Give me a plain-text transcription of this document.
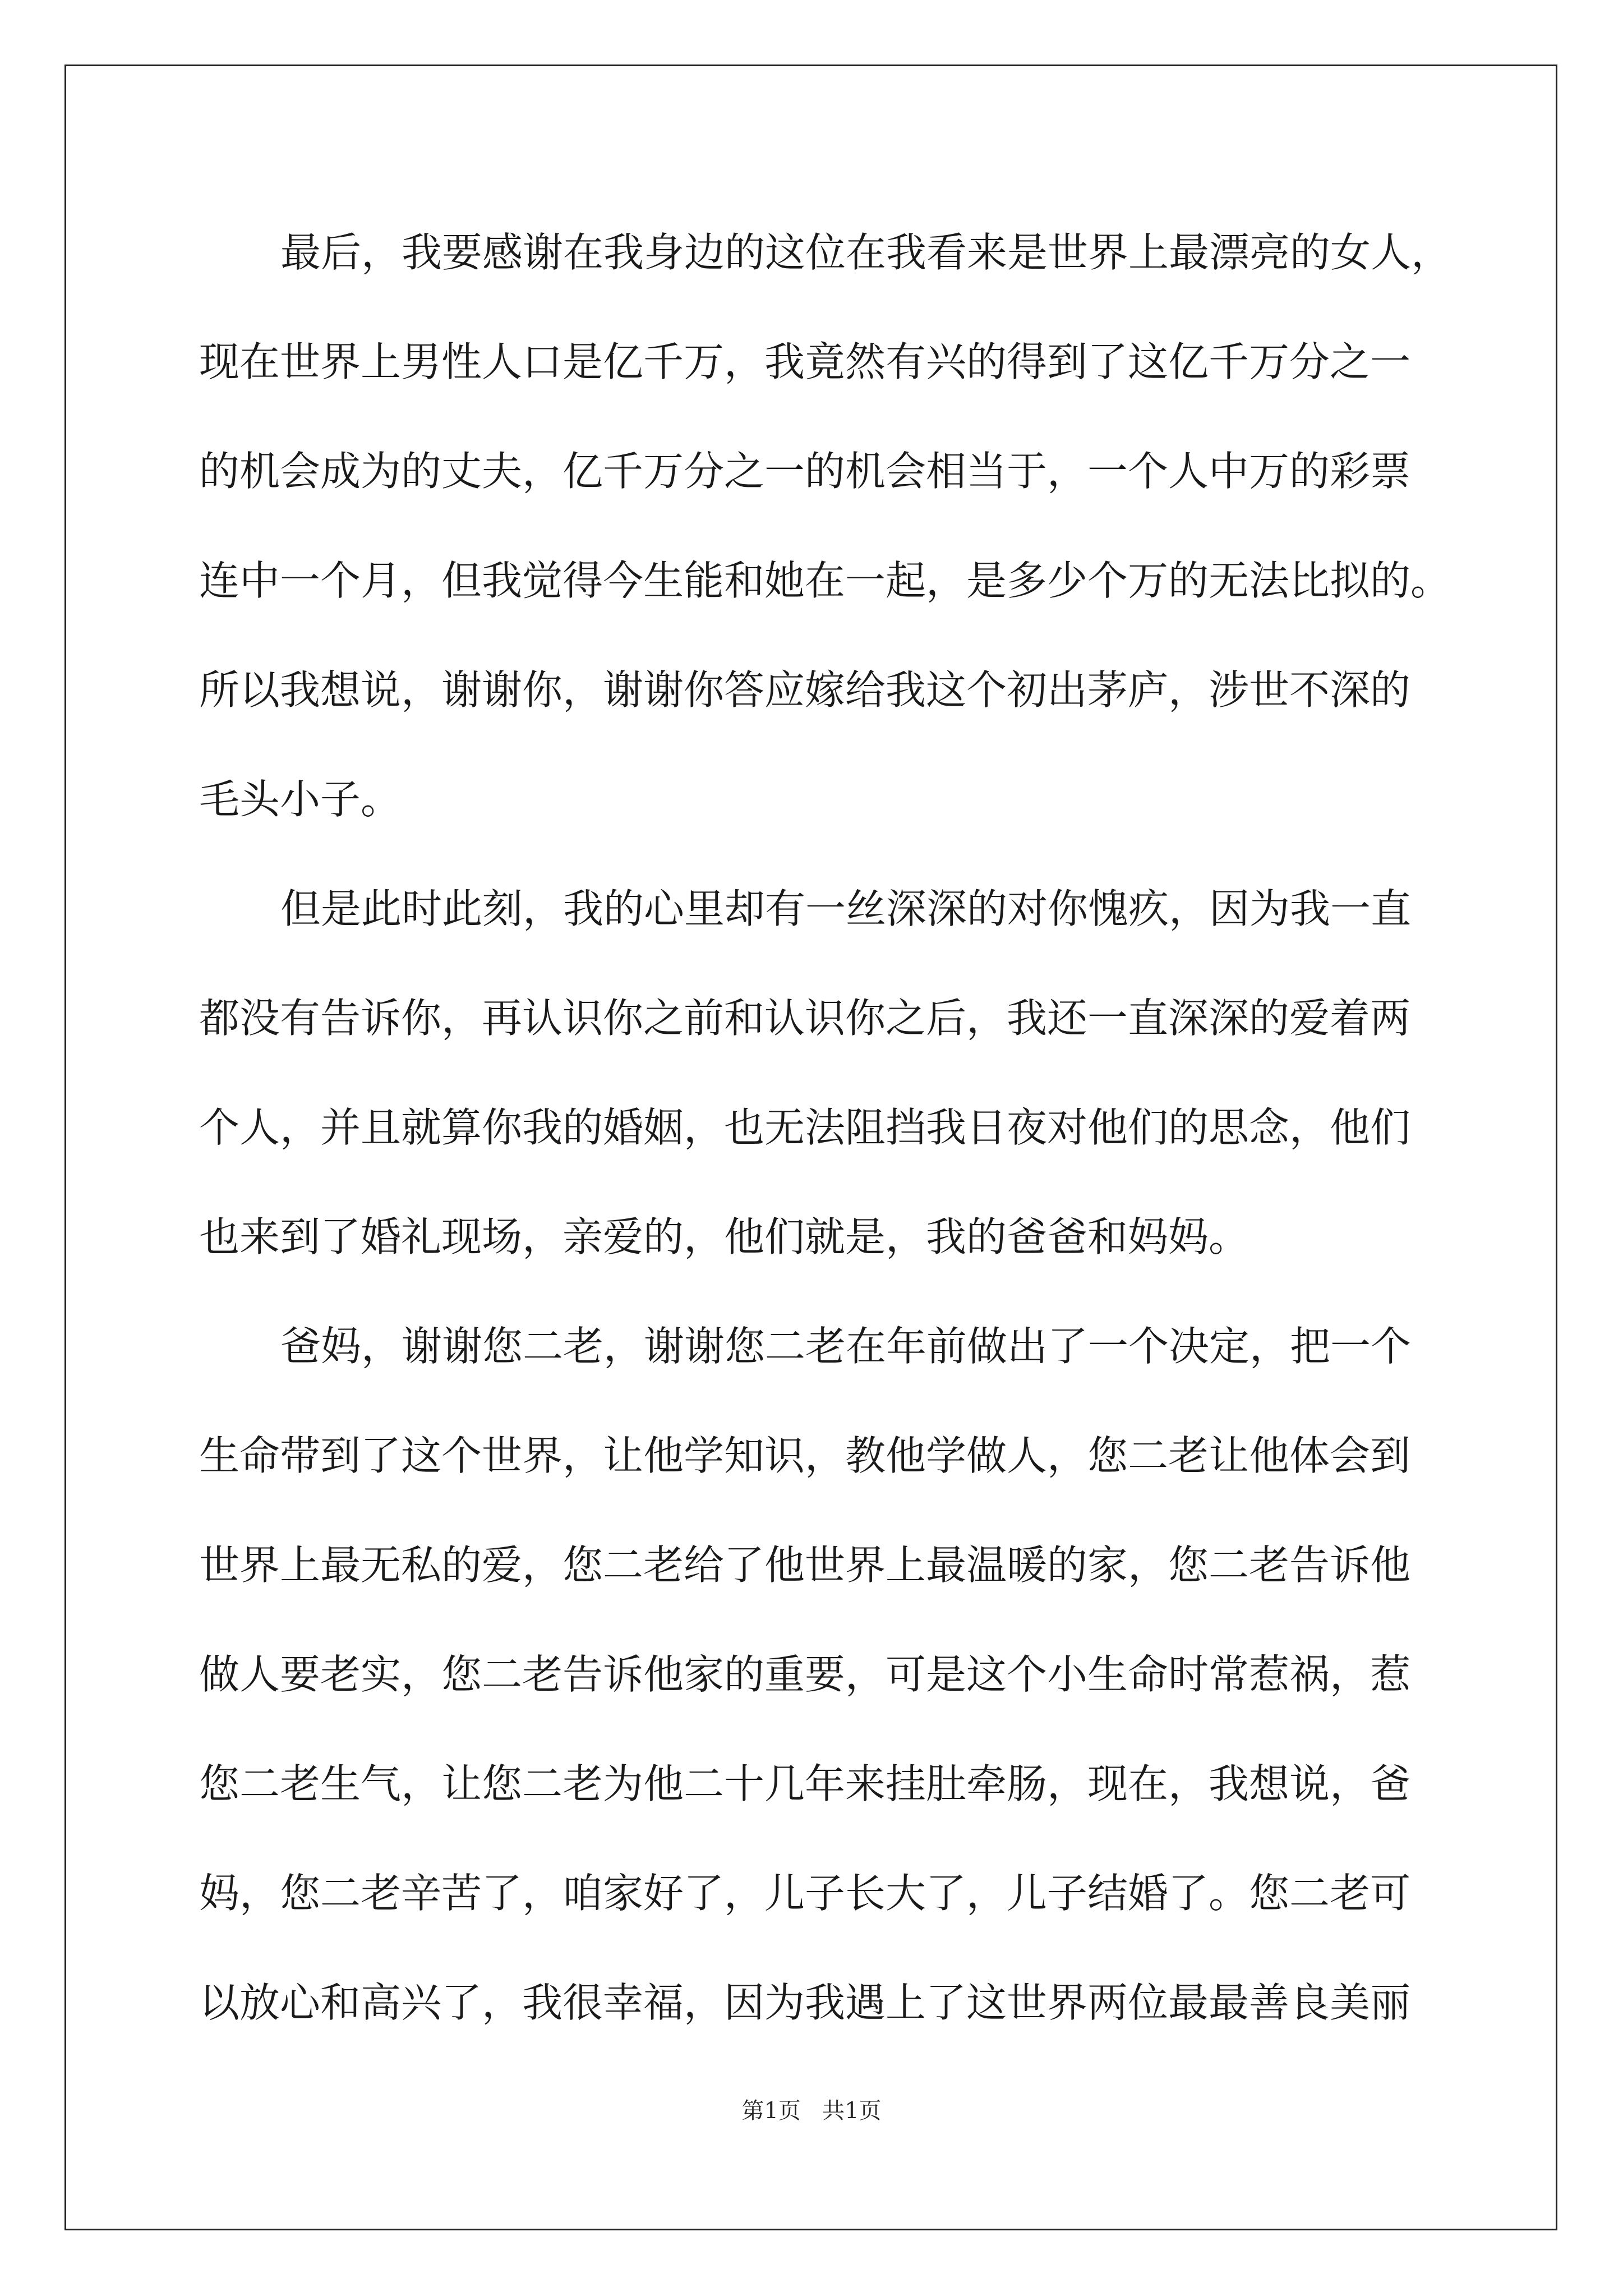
最后，我要感谢在我身边的这位在我看来是世界上最漂亮的女人，
现在世界上男性人口是亿千万，我竟然有兴的得到了这亿千万分之一
的机会成为的丈夫，亿千万分之一的机会相当于，一个人中万的彩票
连中一个月，但我觉得今生能和她在一起，是多少个万的无法比拟的。
所以我想说，谢谢你，谢谢你答应嫁给我这个初出茅庐，涉世不深的
毛头小子。
但是此时此刻，我的心里却有一丝深深的对你愧疚，因为我一直
都没有告诉你，再认识你之前和认识你之后，我还一直深深的爱着两
个人，并且就算你我的婚姻，也无法阻挡我日夜对他们的思念，他们
也来到了婚礼现场，亲爱的，他们就是，我的爸爸和妈妈。
爸妈，谢谢您二老，谢谢您二老在年前做出了一个决定，把一个
生命带到了这个世界，让他学知识，教他学做人，您二老让他体会到
世界上最无私的爱，您二老给了他世界上最温暖的家，您二老告诉他
做人要老实，您二老告诉他家的重要，可是这个小生命时常惹祸，惹
您二老生气，让您二老为他二十几年来挂肚牵肠，现在，我想说，爸
妈，您二老辛苦了，咱家好了，儿子长大了，儿子结婚了。您二老可
以放心和高兴了，我很幸福，因为我遇上了这世界两位最最善良美丽
第1页 共1页
